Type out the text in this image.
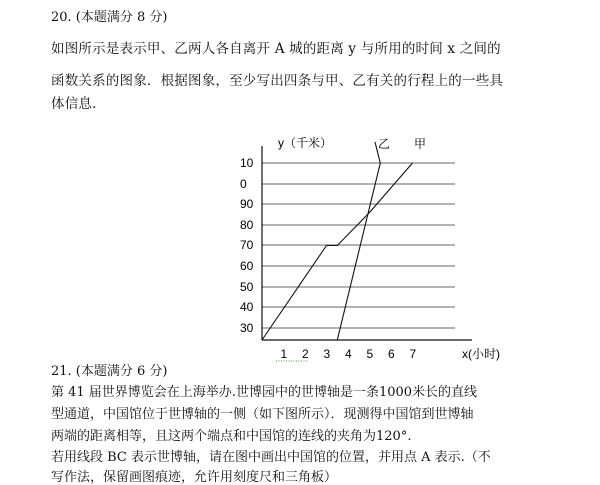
20. (本题满分 8 分)
如图所示是表示甲、乙两人各自离开 A 城的距离 y 与所用的时间 x 之间的
函数关系的图象．根据图象，至少写出四条与甲、乙有关的行程上的一些具
体信息.
10
0
90
80
70
60
50
40
30
1 2 3 4 5 6 7
y（千米）
x(小时)
乙 甲
21. (本题满分 6 分)
第 41 届世界博览会在上海举办.世博园中的世博轴是一条1000米长的直线
型通道，中国馆位于世博轴的一侧（如下图所示）．现测得中国馆到世博轴
两端的距离相等，且这两个端点和中国馆的连线的夹角为120°.
若用线段 BC 表示世博轴，请在图中画出中国馆的位置，并用点 A 表示.（不
写作法，保留画图痕迹，允许用刻度尺和三角板）
